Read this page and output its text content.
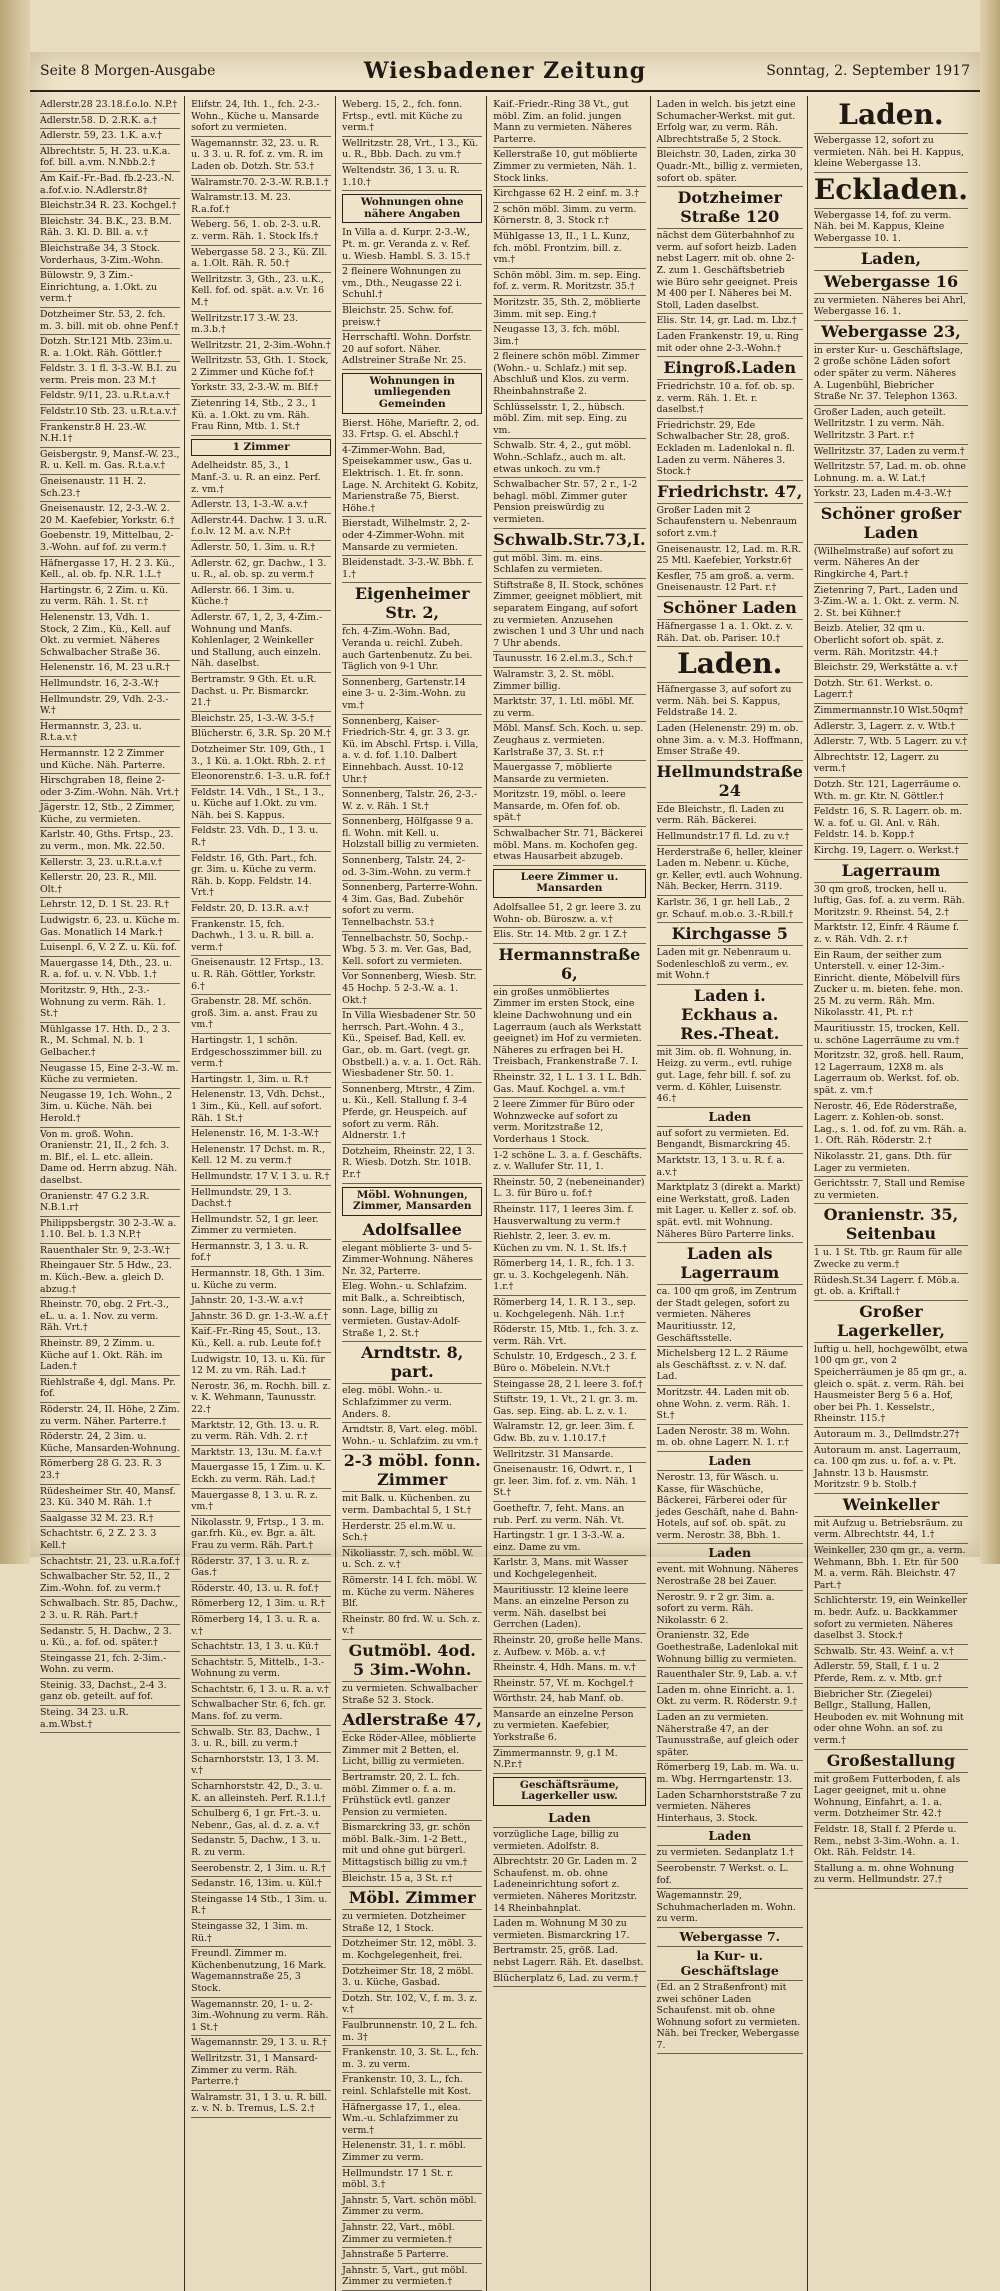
Seite 8 Morgen-Ausgabe	Wiesbadener Zeitung	Sonntag, 2. September 1917
Adlerstr.28 23.18.f.o.lo. N.P.†
Adlerstr.58. D. 2.R.K. a.†
Adlerstr. 59, 23. 1.K. a.v.†
Albrechtstr. 5, H. 23. u.K.a. fof. bill. a.vm. N.Nbb.2.†
Am Kaif.-Fr.-Bad. fb.2-23.-N. a.fof.v.io. N.Adlerstr.8†
Bleichstr.34 R. 23. Kochgel.†
Bleichstr. 34. B.K., 23. B.M. Räh. 3. Kl. D. Bll. a. v.†
Bleichstraße 34, 3 Stock. Vorderhaus, 3-Zim.-Wohn.
Bülowstr. 9, 3 Zim.-Einrichtung, a. 1.Okt. zu verm.†
Dotzheimer Str. 53, 2. fch. m. 3. bill. mit ob. ohne Penf.†
Dotzh. Str.121 Mtb. 23im.u. R. a. 1.Okt. Räh. Göttler.†
Feldstr. 3. 1 fl. 3-3.-W. B.I. zu verm. Preis mon. 23 M.†
Feldstr. 9/11, 23. u.R.t.a.v.†
Feldstr.10 Stb. 23. u.R.t.a.v.†
Frankenstr.8 H. 23.-W. N.H.1†
Geisbergstr. 9, Mansf.-W. 23., R. u. Kell. m. Gas. R.t.a.v.†
Gneisenaustr. 11 H. 2. Sch.23.†
Gneisenaustr. 12, 2-3.-W. 2. 20 M. Kaefebier, Yorkstr. 6.†
Goebenstr. 19, Mittelbau, 2-3.-Wohn. auf fof. zu verm.†
Häfnergasse 17, H. 2 3. Kü., Kell., al. ob. fp. N.R. 1.L.†
Hartingstr. 6, 2 Zim. u. Kü. zu verm. Räh. 1. St. r.†
Helenenstr. 13, Vdh. 1. Stock, 2 Zim., Kü., Kell. auf Okt. zu vermiet. Näheres Schwalbacher Straße 36.
Helenenstr. 16, M. 23 u.R.†
Hellmundstr. 16, 2-3.-W.†
Hellmundstr. 29, Vdh. 2-3.-W.†
Hermannstr. 3, 23. u. R.t.a.v.†
Hermannstr. 12 2 Zimmer und Küche. Näh. Parterre.
Hirschgraben 18, fleine 2- oder 3-Zim.-Wohn. Näh. Vrt.†
Jägerstr. 12, Stb., 2 Zimmer, Küche, zu vermieten.
Karlstr. 40, Gths. Frtsp., 23. zu verm., mon. Mk. 22.50.
Kellerstr. 3, 23. u.R.t.a.v.†
Kellerstr. 20, 23. R., Mll. Olt.†
Lehrstr. 12, D. 1 St. 23. R.†
Ludwigstr. 6, 23. u. Küche m. Gas. Monatlich 14 Mark.†
Luisenpl. 6, V. 2 Z. u. Kü. fof.
Mauergasse 14, Dth., 23. u. R. a. fof. u. v. N. Vbb. 1.†
Moritzstr. 9, Hth., 2-3.-Wohnung zu verm. Räh. 1. St.†
Mühlgasse 17. Hth. D., 2 3. R., M. Schmal. N. b. 1 Gelbacher.†
Neugasse 15, Eine 2-3.-W. m. Küche zu vermieten.
Neugasse 19, 1ch. Wohn., 2 3im. u. Küche. Näh. bei Herold.†
Von m. groß. Wohn. Oranienstr. 21, II., 2 fch. 3. m. Blf., el. L. etc. allein. Dame od. Herrn abzug. Näh. daselbst.
Oranienstr. 47 G.2 3.R. N.B.1.r†
Philippsbergstr. 30 2-3.-W. a. 1.10. Bel. b. 1.3 N.P.†
Rauenthaler Str. 9, 2-3.-W.†
Rheingauer Str. 5 Hdw., 23. m. Küch.-Bew. a. gleich D. abzug.†
Rheinstr. 70, obg. 2 Frt.-3., eL. u. a. 1. Nov. zu verm. Räh. Vrt.†
Rheinstr. 89, 2 Zimm. u. Küche auf 1. Okt. Räh. im Laden.†
Riehlstraße 4, dgl. Mans. Pr. fof.
Röderstr. 24, II. Höhe, 2 Zim. zu verm. Näher. Parterre.†
Röderstr. 24, 2 3im. u. Küche, Mansarden-Wohnung.
Römerberg 28 G. 23. R. 3 23.†
Rüdesheimer Str. 40, Mansf. 23. Kü. 340 M. Räh. 1.†
Saalgasse 32 M. 23. R.†
Schachtstr. 6, 2 Z. 2 3. 3 Kell.†
Schachtstr. 21, 23. u.R.a.fof.†
Schwalbacher Str. 52, II., 2 Zim.-Wohn. fof. zu verm.†
Schwalbach. Str. 85, Dachw., 2 3. u. R. Räh. Part.†
Sedanstr. 5, H. Dachw., 2 3. u. Kü., a. fof. od. später.†
Steingasse 21, fch. 2-3im.-Wohn. zu verm.
Steinig. 33, Dachst., 2-4 3. ganz ob. geteilt. auf fof.
Steing. 34 23. u.R. a.m.Wbst.†
Elifstr. 24, Ith. 1., fch. 2-3.-Wohn., Küche u. Mansarde sofort zu vermieten.
Wagemannstr. 32, 23. u. R. u. 3 3. u. R. fof. z. vm. R. im Laden ob. Dotzh. Str. 53.†
Walramstr.70. 2-3.-W. R.B.1.†
Walramstr.13. M. 23. R.a.fof.†
Weberg. 56, 1. ob. 2-3. u.R. z. verm. Räh. 1. Stock Ifs.†
Webergasse 58. 2 3., Kü. Zll. a. 1.Olt. Räh. R. 50.†
Wellritzstr. 3, Gth., 23. u.K., Kell. fof. od. spät. a.v. Vr. 16 M.†
Wellritzstr.17 3.-W. 23. m.3.b.†
Wellritzstr. 21, 2-3im.-Wohn.†
Wellritzstr. 53, Gth. 1. Stock, 2 Zimmer und Küche fof.†
Yorkstr. 33, 2-3.-W. m. Blf.†
Zietenring 14, Stb., 2 3., 1 Kü. a. 1.Okt. zu vm. Räh. Frau Rinn, Mtb. 1. St.†
1 Zimmer
Adelheidstr. 85, 3., 1 Manf.-3. u. R. an einz. Perf. z. vm.†
Adlerstr. 13, 1-3.-W. a.v.†
Adlerstr.44. Dachw. 1 3. u.R. f.o.lv. 12 M. a.v. N.P.†
Adlerstr. 50, 1. 3im. u. R.†
Adlerstr. 62, gr. Dachw., 1 3. u. R., al. ob. sp. zu verm.†
Adlerstr. 66. 1 3im. u. Küche.†
Adlerstr. 67, 1, 2, 3, 4-Zim.-Wohnung und Manfs. Kohlenlager, 2 Weinkeller und Stallung, auch einzeln. Näh. daselbst.
Bertramstr. 9 Gth. Et. u.R. Dachst. u. Pr. Bismarckr. 21.†
Bleichstr. 25, 1-3.-W. 3-5.†
Blücherstr. 6, 3.R. Sp. 20 M.†
Dotzheimer Str. 109, Gth., 1 3., 1 Kü. a. 1.Okt. Rbh. 2. r.†
Eleonorenstr.6. 1-3. u.R. fof.†
Feldstr. 14. Vdh., 1 St., 1 3., u. Küche auf 1.Okt. zu vm. Näh. bei S. Kappus.
Feldstr. 23. Vdh. D., 1 3. u. R.†
Feldstr. 16, Gth. Part., fch. gr. 3im. u. Küche zu verm. Räh. b. Kopp. Feldstr. 14. Vrt.†
Feldstr. 20, D. 13.R. a.v.†
Frankenstr. 15, fch. Dachwh., 1 3. u. R. bill. a. verm.†
Gneisenaustr. 12 Frtsp., 13. u. R. Räh. Göttler, Yorkstr. 6.†
Grabenstr. 28. Mf. schön. groß. 3im. a. anst. Frau zu vm.†
Hartingstr. 1, 1 schön. Erdgeschosszimmer bill. zu verm.†
Hartingstr. 1, 3im. u. R.†
Helenenstr. 13, Vdh. Dchst., 1 3im., Kü., Kell. auf sofort. Räh. 1 St.†
Helenenstr. 16, M. 1-3.-W.†
Helenenstr. 17 Dchst. m. R., Kell. 12 M. zu verm.†
Hellmundstr. 17 V. 1 3. u. R.†
Hellmundstr. 29, 1 3. Dachst.†
Hellmundstr. 52, 1 gr. leer. Zimmer zu vermieten.
Hermannstr. 3, 1 3. u. R. fof.†
Hermannstr. 18, Gth. 1 3im. u. Küche zu verm.
Jahnstr. 20, 1-3.-W. a.v.†
Jahnstr. 36 D. gr. 1-3.-W. a.f.†
Kaif.-Fr.-Ring 45, Sout., 13. Kü., Kell. a. rub. Leute fof.†
Ludwigstr. 10, 13. u. Kü. für 12 M. zu vm. Räh. Lad.†
Nerostr. 36, m. Rochh. bill. z. v. K. Wehmann, Taunusstr. 22.†
Marktstr. 12, Gth. 13. u. R. zu verm. Räh. Vdh. 2. r.†
Marktstr. 13, 13u. M. f.a.v.†
Mauergasse 15, 1 Zim. u. K. Eckh. zu verm. Räh. Lad.†
Mauergasse 8, 1 3. u. R. z. vm.†
Nikolasstr. 9, Frtsp., 1 3. m. gar.frh. Kü., ev. Bgr. a. ält. Frau zu verm. Räh. Part.†
Röderstr. 37, 1 3. u. R. z. Gas.†
Röderstr. 40, 13. u. R. fof.†
Römerberg 12, 1 3im. u. R.†
Römerberg 14, 1 3. u. R. a. v.†
Schachtstr. 13, 1 3. u. Kü.†
Schachtstr. 5, Mittelb., 1-3.-Wohnung zu verm.
Schachtstr. 6, 1 3. u. R. a. v.†
Schwalbacher Str. 6, fch. gr. Mans. fof. zu verm.
Schwalb. Str. 83, Dachw., 1 3. u. R., bill. zu verm.†
Scharnhorststr. 13, 1 3. M. v.†
Scharnhorststr. 42, D., 3. u. K. an alleinsteh. Perf. R.1.l.†
Schulberg 6, 1 gr. Frt.-3. u. Nebenr., Gas, al. d. z. a. v.†
Sedanstr. 5, Dachw., 1 3. u. R. zu verm.
Seerobenstr. 2, 1 3im. u. R.†
Sedanstr. 16, 13im. u. Kül.†
Steingasse 14 Stb., 1 3im. u. R.†
Steingasse 32, 1 3im. m. Rü.†
Freundl. Zimmer m. Küchenbenutzung, 16 Mark. Wagemannstraße 25, 3 Stock.
Wagemannstr. 20, 1- u. 2-3im.-Wohnung zu verm. Räh. 1 St.†
Wagemannstr. 29, 1 3. u. R.†
Wellritzstr. 31, 1 Mansard-Zimmer zu verm. Räh. Parterre.†
Walramstr. 31, 1 3. u. R. bill. z. v. N. b. Tremus, L.S. 2.†
Weberg. 15, 2., fch. fonn. Frtsp., evtl. mit Küche zu verm.†
Wellritzstr. 28, Vrt., 1 3., Kü. u. R., Bbb. Dach. zu vm.†
Weltendstr. 36, 1 3. u. R. 1.10.†
Wohnungen ohne nähere Angaben
In Villa a. d. Kurpr. 2-3.-W., Pt. m. gr. Veranda z. v. Ref. u. Wiesb. Hambl. S. 3. 15.†
2 fleinere Wohnungen zu vm., Dth., Neugasse 22 i. Schuhl.†
Bleichstr. 25. Schw. fof. preisw.†
Herrschaftl. Wohn. Dorfstr. 20 auf sofort. Näher. Adlstreiner Straße Nr. 25.
Wohnungen in umliegenden Gemeinden
Bierst. Höhe, Marieftr. 2, od. 33. Frtsp. G. el. Abschl.†
4-Zimmer-Wohn. Bad, Speisekammer usw., Gas u. Elektrisch. 1. Et. fr. sonn. Lage. N. Architekt G. Kobitz, Marienstraße 75, Bierst. Höhe.†
Bierstadt, Wilhelmstr. 2, 2- oder 4-Zimmer-Wohn. mit Mansarde zu vermieten.
Bleidenstadt. 3-3.-W. Bbh. f. 1.†
Eigenheimer Str. 2,
fch. 4-Zim.-Wohn. Bad, Veranda u. reichl. Zubeh. auch Gartenbenutz. Zu bei. Täglich von 9-1 Uhr.
Sonnenberg, Gartenstr.14 eine 3- u. 2-3im.-Wohn. zu vm.†
Sonnenberg, Kaiser-Friedrich-Str. 4, gr. 3 3. gr. Kü. im Abschl. Frtsp. i. Villa, a. v. d. fof. 1.10. Dalbert Einnehbach. Ausst. 10-12 Uhr.†
Sonnenberg, Talstr. 26, 2-3.-W. z. v. Räh. 1 St.†
Sonnenberg, Hölfgasse 9 a. fl. Wohn. mit Kell. u. Holzstall billig zu vermieten.
Sonnenberg, Talstr. 24, 2- od. 3-3im.-Wohn. zu verm.†
Sonnenberg, Parterre-Wohn. 4 3im. Gas, Bad. Zubehör sofort zu verm. Tennelbachstr. 53.†
Tennelbachstr. 50, Sochp.-Wbg. 5 3. m. Ver. Gas, Bad, Kell. sofort zu vermieten.
Vor Sonnenberg, Wiesb. Str. 45 Hochp. 5 2-3.-W. a. 1. Okt.†
In Villa Wiesbadener Str. 50 herrsch. Part.-Wohn. 4 3., Kü., Speisef. Bad, Kell. ev. Gar., ob. m. Gart. (vegt. gr. Obstbell.) a. v. a. 1. Oct. Räh. Wiesbadener Str. 50. 1.
Sonnenberg, Mtrstr., 4 Zim. u. Kü., Kell. Stallung f. 3-4 Pferde, gr. Heuspeich. auf sofort zu verm. Räh. Aldnerstr. 1.†
Dotzheim, Rheinstr. 22, 1 3. R. Wiesb. Dotzh. Str. 101B. P.r.†
Möbl. Wohnungen, Zimmer, Mansarden
Adolfsallee
elegant möblierte 3- und 5-Zimmer-Wohnung. Näheres Nr. 32, Parterre.
Eleg. Wohn.- u. Schlafzim. mit Balk., a. Schreibtisch, sonn. Lage, billig zu vermieten. Gustav-Adolf-Straße 1, 2. St.†
Arndtstr. 8, part.
eleg. möbl. Wohn.- u. Schlafzimmer zu verm. Anders. 8.
Arndtstr. 8, Vart. eleg. möbl. Wohn.- u. Schlafzim. zu vm.†
2-3 möbl. fonn. Zimmer
mit Balk. u. Küchenben. zu verm. Dambachtal 5, 1 St.†
Herderstr. 25 el.m.W. u. Sch.†
Nikoliasstr. 7, sch. möbl. W. u. Sch. z. v.†
Römerstr. 14 I. fch. möbl. W. m. Küche zu verm. Näheres Blf.
Rheinstr. 80 frd. W. u. Sch. z. v.†
Gutmöbl. 4od. 5 3im.-Wohn.
zu vermieten. Schwalbacher Straße 52 3. Stock.
Adlerstraße 47,
Ecke Röder-Allee, möblierte Zimmer mit 2 Betten, el. Licht, billig zu vermieten.
Bertramstr. 20, 2. L. fch. möbl. Zimmer o. f. a. m. Frühstück evtl. ganzer Pension zu vermieten.
Bismarckring 33, gr. schön möbl. Balk.-3im. 1-2 Bett., mit und ohne gut bürgerl. Mittagstisch billig zu vm.†
Bleichstr. 15 a, 3 St. r.†
Möbl. Zimmer
zu vermieten. Dotzheimer Straße 12, 1 Stock.
Dotzheimer Str. 12, möbl. 3. m. Kochgelegenheit, frei.
Dotzheimer Str. 18, 2 möbl. 3. u. Küche, Gasbad.
Dotzh. Str. 102, V., f. m. 3. z. v.†
Faulbrunnenstr. 10, 2 L. fch. m. 3†
Frankenstr. 10, 3. St. L., fch. m. 3. zu verm.
Frankenstr. 10, 3. L., fch. reinl. Schlafstelle mit Kost.
Häfnergasse 17, 1., elea. Wm.-u. Schlafzimmer zu verm.†
Helenenstr. 31, 1. r. möbl. Zimmer zu verm.
Hellmundstr. 17 1 St. r. möbl. 3.†
Jahnstr. 5, Vart. schön möbl. Zimmer zu verm.
Jahnstr. 22, Vart., möbl. Zimmer zu vermieten.†
Jahnstraße 5 Parterre.
Jahnstr. 5, Vart., gut möbl. Zimmer zu vermieten.†
Kaif.-Friedr.-Ring 38 Vt., gut möbl. Zim. an folid. jungen Mann zu vermieten. Näheres Parterre.
Kellerstraße 10, gut möblierte Zimmer zu vermieten, Näh. 1. Stock links.
Kirchgasse 62 H. 2 einf. m. 3.†
2 schön möbl. 3imm. zu verm. Körnerstr. 8, 3. Stock r.†
Mühlgasse 13, II., 1 L. Kunz, fch. möbl. Frontzim. bill. z. vm.†
Schön möbl. 3im. m. sep. Eing. fof. z. verm. R. Moritzstr. 35.†
Moritzstr. 35, Sth. 2, möblierte 3imm. mit sep. Eing.†
Neugasse 13, 3. fch. möbl. 3im.†
2 fleinere schön möbl. Zimmer (Wohn.- u. Schlafz.) mit sep. Abschluß und Klos. zu verm. Rheinbahnstraße 2.
Schlüsselsstr. 1, 2., hübsch. möbl. Zim. mit sep. Eing. zu vm.
Schwalb. Str. 4, 2., gut möbl. Wohn.-Schlafz., auch m. alt. etwas unkoch. zu vm.†
Schwalbacher Str. 57, 2 r., 1-2 behagl. möbl. Zimmer guter Pension preiswürdig zu vermieten.
Schwalb.Str.73,I.
gut möbl. 3im. m. eins. Schlafen zu vermieten.
Stiftstraße 8, II. Stock, schönes Zimmer, geeignet möbliert, mit separatem Eingang, auf sofort zu vermieten. Anzusehen zwischen 1 und 3 Uhr und nach 7 Uhr abends.
Taunusstr. 16 2.el.m.3., Sch.†
Walramstr. 3, 2. St. möbl. Zimmer billig.
Marktstr. 37, 1. Ltl. möbl. Mf. zu verm.
Möbl. Mansf. Sch. Koch. u. sep. Zeughaus z. vermieten. Karlstraße 37, 3. St. r.†
Mauergasse 7, möblierte Mansarde zu vermieten.
Moritzstr. 19, möbl. o. leere Mansarde, m. Ofen fof. ob. spät.†
Schwalbacher Str. 71, Bäckerei möbl. Mans. m. Kochofen geg. etwas Hausarbeit abzugeb.
Leere Zimmer u. Mansarden
Adolfsallee 51, 2 gr. leere 3. zu Wohn- ob. Büroszw. a. v.†
Elis. Str. 14. Mtb. 2 gr. 1 Z.†
Hermannstraße 6,
ein großes unmöbliertes Zimmer im ersten Stock, eine kleine Dachwohnung und ein Lagerraum (auch als Werkstatt geeignet) im Hof zu vermieten. Näheres zu erfragen bei H. Treisbach, Frankenstraße 7. I.
Rheinstr. 32, 1 L. 1 3. 1 L. Bdh. Gas. Mauf. Kochgel. a. vm.†
2 leere Zimmer für Büro oder Wohnzwecke auf sofort zu verm. Moritzstraße 12, Vorderhaus 1 Stock.
1-2 schöne L. 3. a. f. Geschäfts. z. v. Wallufer Str. 11, 1.
Rheinstr. 50, 2 (nebeneinander) L. 3. für Büro u. fof.†
Rheinstr. 117, 1 leeres 3im. f. Hausverwaltung zu verm.†
Riehlstr. 2, leer. 3. ev. m. Küchen zu vm. N. 1. St. lfs.†
Römerberg 14, 1. R., fch. 1 3. gr. u. 3. Kochgelegenh. Näh. 1.r.†
Römerberg 14, 1. R. 1 3., sep. u. Kochgelegenh. Näh. 1.r.†
Röderstr. 15, Mtb. 1., fch. 3. z. verm. Räh. Vrt.
Schulstr. 10, Erdgesch., 2 3. f. Büro o. Möbelein. N.Vt.†
Steingasse 28, 2 l. leere 3. fof.†
Stiftstr. 19, 1. Vt., 2 l. gr. 3. m. Gas. sep. Eing. ab. L. z. v. 1.
Walramstr. 12, gr. leer. 3im. f. Gdw. Bb. zu v. 1.10.17.†
Wellritzstr. 31 Mansarde.
Gneisenaustr. 16, Odwrt. r., 1 gr. leer. 3im. fof. z. vm. Näh. 1 St.†
Goetheftr. 7, feht. Mans. an rub. Perf. zu verm. Näh. Vt.
Hartingstr. 1 gr. 1 3-3.-W. a. einz. Dame zu vm.
Karlstr. 3, Mans. mit Wasser und Kochgelegenheit.
Mauritiusstr. 12 kleine leere Mans. an einzelne Person zu verm. Näh. daselbst bei Gerrchen (Laden).
Rheinstr. 20, große helle Mans. z. Aufbew. v. Möb. a. v.†
Rheinstr. 4, Hdh. Mans. m. v.†
Rheinstr. 57, Vf. m. Kochgel.†
Wörthstr. 24, hab Manf. ob.
Mansarde an einzelne Person zu vermieten. Kaefebier, Yorkstraße 6.
Zimmermannstr. 9, g.1 M. N.P.r.†
Geschäftsräume, Lagerkeller usw.
Laden
vorzügliche Lage, billig zu vermieten. Adolfstr. 8.
Albrechtstr. 20 Gr. Laden m. 2 Schaufenst. m. ob. ohne Ladeneinrichtung sofort z. vermieten. Näheres Moritzstr. 14 Rheinbahnplat.
Laden m. Wohnung M 30 zu vermieten. Bismarckring 17.
Bertramstr. 25, größ. Lad. nebst Lagerr. Räh. Et. daselbst.
Blücherplatz 6, Lad. zu verm.†
Laden in welch. bis jetzt eine Schumacher-Werkst. mit gut. Erfolg war, zu verm. Räh. Albrechtstraße 5, 2 Stock.
Bleichstr. 30, Laden, zirka 30 Quadr.-Mt., billig z. vermieten, sofort ob. später.
Dotzheimer Straße 120
nächst dem Güterbahnhof zu verm. auf sofort heizb. Laden nebst Lagerr. mit ob. ohne 2-Z. zum 1. Geschäftsbetrieb wie Büro sehr geeignet. Preis M 400 per I. Näheres bei M. Stoll, Laden daselbst.
Elis. Str. 14, gr. Lad. m. Lbz.†
Laden Frankenstr. 19, u. Ring mit oder ohne 2-3.-Wohn.†
Eingroß.Laden
Friedrichstr. 10 a. fof. ob. sp. z. verm. Räh. 1. Et. r. daselbst.†
Friedrichstr. 29, Ede Schwalbacher Str. 28, groß. Eckladen m. Ladenlokal n. fl. Laden zu verm. Näheres 3. Stock.†
Friedrichstr. 47,
Großer Laden mit 2 Schaufenstern u. Nebenraum sofort z.vm.†
Gneisenaustr. 12, Lad. m. R.R. 25 Mtl. Kaefebier, Yorkstr.6†
Kesfler, 75 am groß. a. verm. Gneisenaustr. 12 Part. r.†
Schöner Laden
Häfnergasse 1 a. 1. Okt. z. v. Räh. Dat. ob. Pariser. 10.†
Laden.
Häfnergasse 3, auf sofort zu verm. Näh. bei S. Kappus, Feldstraße 14. 2.
Laden (Helenenstr. 29) m. ob. ohne 3im. a. v. M.3. Hoffmann, Emser Straße 49.
Hellmundstraße 24
Ede Bleichstr., fl. Laden zu verm. Räh. Bäckerei.
Hellmundstr.17 fl. Ld. zu v.†
Herderstraße 6, heller, kleiner Laden m. Nebenr. u. Küche, gr. Keller, evtl. auch Wohnung. Näh. Becker, Herrn. 3119.
Karlstr. 36, 1 gr. hell Lab., 2 gr. Schauf. m.ob.o. 3.-R.bill.†
Kirchgasse 5
Laden mit gr. Nebenraum u. Sodenleschloß zu verm., ev. mit Wohn.†
Laden i. Eckhaus a. Res.-Theat.
mit 3im. ob. fl. Wohnung, in. Heizg. zu verm., evtl. ruhige gut. Lage, fehr bill. f. sof. zu verm. d. Köhler, Luisenstr. 46.†
Laden
auf sofort zu vermieten. Ed. Bengandt, Bismarckring 45.
Marktstr. 13, 1 3. u. R. f. a. a.v.†
Marktplatz 3 (direkt a. Markt) eine Werkstatt, groß. Laden mit Lager. u. Keller z. sof. ob. spät. evtl. mit Wohnung. Näheres Büro Parterre links.
Laden als Lagerraum
ca. 100 qm groß, im Zentrum der Stadt gelegen, sofort zu vermieten. Näheres Mauritiusstr. 12, Geschäftsstelle.
Michelsberg 12 L. 2 Räume als Geschäftsst. z. v. N. daf. Lad.
Moritzstr. 44. Laden mit ob. ohne Wohn. z. verm. Räh. 1. St.†
Laden Nerostr. 38 m. Wohn. m. ob. ohne Lagerr. N. 1. r.†
Laden
Nerostr. 13, für Wäsch. u. Kasse, für Wäschüche, Bäckerei, Färberei oder für jedes Geschäft, nahe d. Bahn-Hotels, auf sof. ob. spät. zu verm. Nerostr. 38, Bbh. 1.
Laden
event. mit Wohnung. Näheres Nerostraße 28 bei Zauer.
Nerostr. 9. r 2 gr. 3im. a. sofort zu verm. Räh. Nikolasstr. 6 2.
Oranienstr. 32, Ede Goethestraße, Ladenlokal mit Wohnung billig zu vermieten.
Rauenthaler Str. 9, Lab. a. v.†
Laden m. ohne Einricht. a. 1. Okt. zu verm. R. Röderstr. 9.†
Laden an zu vermieten. Näherstraße 47, an der Taunusstraße, auf gleich oder später.
Römerberg 19, Lab. m. Wa. u. m. Wbg. Herrngartenstr. 13.
Laden Scharnhorststraße 7 zu vermieten. Näheres Hinterhaus, 3. Stock.
Laden
zu vermieten. Sedanplatz 1.†
Seerobenstr. 7 Werkst. o. L. fof.
Wagemannstr. 29, Schuhmacherladen m. Wohn. zu verm.
Webergasse 7.
la Kur- u. Geschäftslage
(Ed. an 2 Straßenfront) mit zwei schöner Laden Schaufenst. mit ob. ohne Wohnung sofort zu vermieten. Näh. bei Trecker, Webergasse 7.
Laden.
Webergasse 12, sofort zu vermieten. Näh. bei H. Kappus, kleine Webergasse 13.
Eckladen.
Webergasse 14, fof. zu verm. Näh. bei M. Kappus, Kleine Webergasse 10. 1.
Laden,
Webergasse 16
zu vermieten. Näheres bei Ahrl, Webergasse 16. 1.
Webergasse 23,
in erster Kur- u. Geschäftslage, 2 große schöne Läden sofort oder später zu verm. Näheres A. Lugenbühl, Biebricher Straße Nr. 37. Telephon 1363.
Großer Laden, auch geteilt. Wellritzstr. 1 zu verm. Näh. Wellritzstr. 3 Part. r.†
Wellritzstr. 37, Laden zu verm.†
Wellritzstr. 57, Lad. m. ob. ohne Lohnung. m. a. W. Lat.†
Yorkstr. 23, Laden m.4-3.-W.†
Schöner großer Laden
(Wilhelmstraße) auf sofort zu verm. Näheres An der Ringkirche 4, Part.†
Zietenring 7, Part., Laden und 3-Zim.-W. a. 1. Okt. z. verm. N. 2. St. bei Kühner.†
Beizb. Atelier, 32 qm u. Oberlicht sofort ob. spät. z. verm. Räh. Moritzstr. 44.†
Bleichstr. 29, Werkstätte a. v.†
Dotzh. Str. 61. Werkst. o. Lagerr.†
Zimmermannstr.10 Wlst.50qm†
Adlerstr. 3, Lagerr. z. v. Wtb.†
Adlerstr. 7, Wtb. 5 Lagerr. zu v.†
Albrechtstr. 12, Lagerr. zu verm.†
Dotzh. Str. 121, Lagerräume o. Wth. m. gr. Ktr. N. Göttler.†
Feldstr. 16, S. R. Lagerr. ob. m. W. a. fof. u. Gl. Anl. v. Räh. Feldstr. 14. b. Kopp.†
Kirchg. 19, Lagerr. o. Werkst.†
Lagerraum
30 qm groß, trocken, hell u. luftig, Gas. fof. a. zu verm. Räh. Moritzstr. 9. Rheinst. 54, 2.†
Marktstr. 12, Einfr. 4 Räume f. z. v. Räh. Vdh. 2. r.†
Ein Raum, der seither zum Unterstell. v. einer 12-3im.-Einricht. diente, Möbelvill fürs Zucker u. m. bieten. fehe. mon. 25 M. zu verm. Räh. Mm. Nikolasstr. 41, Pt. r.†
Mauritiusstr. 15, trocken, Kell. u. schöne Lagerräume zu vm.†
Moritzstr. 32, groß. hell. Raum, 12 Lagerraum, 12X8 m. als Lagerraum ob. Werkst. fof. ob. spät. z. vm.†
Nerostr. 46, Ede Röderstraße, Lagerr. z. Kohlen-ob. sonst. Lag., s. 1. od. fof. zu vm. Räh. a. 1. Oft. Räh. Röderstr. 2.†
Nikolasstr. 21, gans. Dth. für Lager zu vermieten.
Gerichtsstr. 7, Stall und Remise zu vermieten.
Oranienstr. 35, Seitenbau
1 u. 1 St. Ttb. gr. Raum für alle Zwecke zu verm.†
Rüdesh.St.34 Lagerr. f. Möb.a. gt. ob. a. Kriftall.†
Großer Lagerkeller,
luftig u. hell, hochgewölbt, etwa 100 qm gr., von 2 Speicherräumen je 85 qm gr., a. gleich o. spät. z. verm. Räh. bei Hausmeister Berg 5 6 a. Hof, ober bei Ph. 1. Kesselstr., Rheinstr. 115.†
Autoraum m. 3., Dellmdstr.27†
Autoraum m. anst. Lagerraum, ca. 100 qm zus. u. fof. a. v. Pt. Jahnstr. 13 b. Hausmstr. Moritzstr. 9 b. Stolb.†
Weinkeller
mit Aufzug u. Betriebsräum. zu verm. Albrechtstr. 44, 1.†
Weinkeller, 230 qm gr., a. verm. Wehmann, Bbh. 1. Etr. für 500 M. a. verm. Räh. Bleichstr. 47 Part.†
Schlichterstr. 19, ein Weinkeller m. bedr. Aufz. u. Backkammer sofort zu vermieten. Näheres daselbst 3. Stock.†
Schwalb. Str. 43. Weinf. a. v.†
Adlerstr. 59, Stall, f. 1 u. 2 Pferde, Rem. z. v. Mtb. gr.†
Biebricher Str. (Ziegelei) Bellgr., Stallung, Hallen, Heuboden ev. mit Wohnung mit oder ohne Wohn. an sof. zu verm.†
Großestallung
mit großem Futterboden, f. als Lager geeignet, mit u. ohne Wohnung, Einfahrt, a. 1. a. verm. Dotzheimer Str. 42.†
Feldstr. 18, Stall f. 2 Pferde u. Rem., nebst 3-3im.-Wohn. a. 1. Okt. Räh. Feldstr. 14.
Stallung a. m. ohne Wohnung zu verm. Hellmundstr. 27.†
